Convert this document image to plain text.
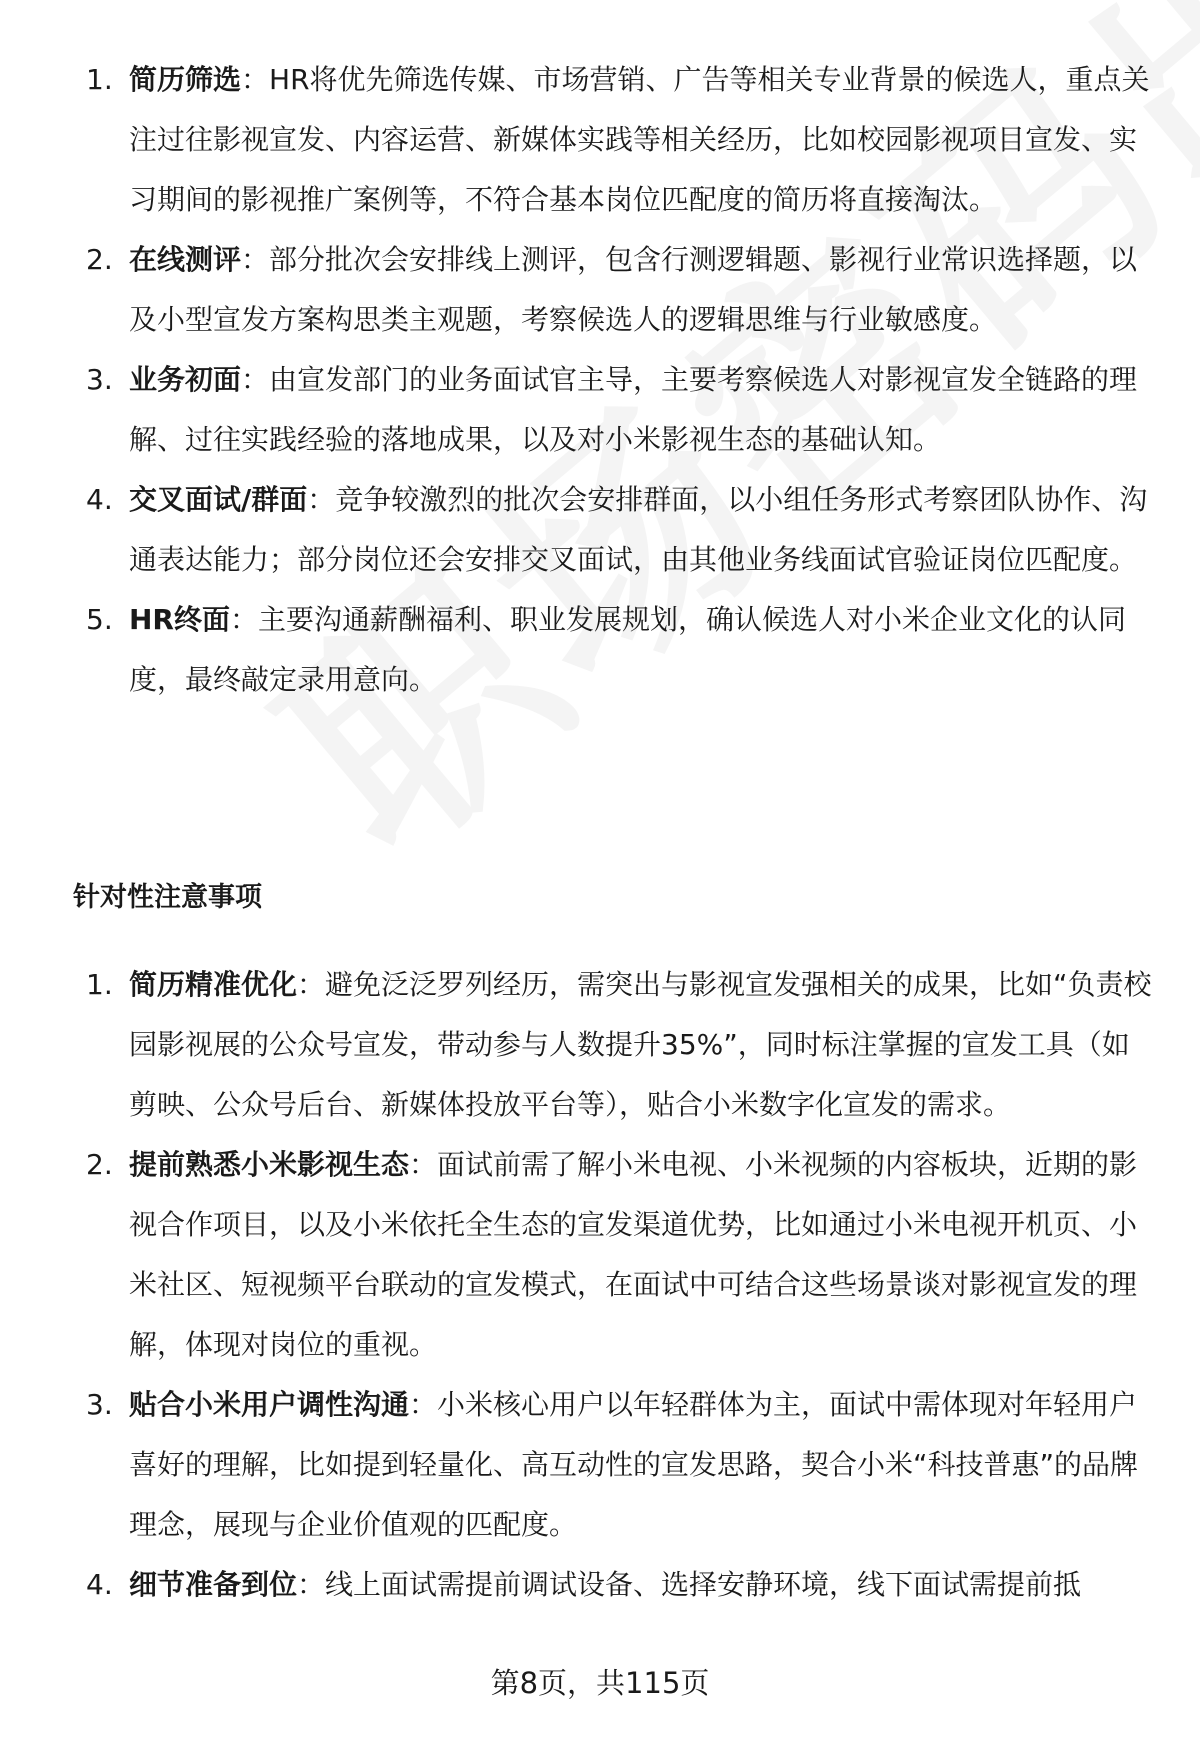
1. 简历筛选：HR将优先筛选传媒、市场营销、广告等相关专业背景的候选人，重点关注过往影视宣发、内容运营、新媒体实践等相关经历，比如校园影视项目宣发、实习期间的影视推广案例等，不符合基本岗位匹配度的简历将直接淘汰。
2. 在线测评：部分批次会安排线上测评，包含行测逻辑题、影视行业常识选择题，以及小型宣发方案构思类主观题，考察候选人的逻辑思维与行业敏感度。
3. 业务初面：由宣发部门的业务面试官主导，主要考察候选人对影视宣发全链路的理解、过往实践经验的落地成果，以及对小米影视生态的基础认知。
4. 交叉面试/群面：竞争较激烈的批次会安排群面，以小组任务形式考察团队协作、沟通表达能力；部分岗位还会安排交叉面试，由其他业务线面试官验证岗位匹配度。
5. HR终面：主要沟通薪酬福利、职业发展规划，确认候选人对小米企业文化的认同度，最终敲定录用意向。
针对性注意事项
1. 简历精准优化：避免泛泛罗列经历，需突出与影视宣发强相关的成果，比如“负责校园影视展的公众号宣发，带动参与人数提升35%”，同时标注掌握的宣发工具（如剪映、公众号后台、新媒体投放平台等），贴合小米数字化宣发的需求。
2. 提前熟悉小米影视生态：面试前需了解小米电视、小米视频的内容板块，近期的影视合作项目，以及小米依托全生态的宣发渠道优势，比如通过小米电视开机页、小米社区、短视频平台联动的宣发模式，在面试中可结合这些场景谈对影视宣发的理解，体现对岗位的重视。
3. 贴合小米用户调性沟通：小米核心用户以年轻群体为主，面试中需体现对年轻用户喜好的理解，比如提到轻量化、高互动性的宣发思路，契合小米“科技普惠”的品牌理念，展现与企业价值观的匹配度。
4. 细节准备到位：线上面试需提前调试设备、选择安静环境，线下面试需提前抵
第8页，共115页
